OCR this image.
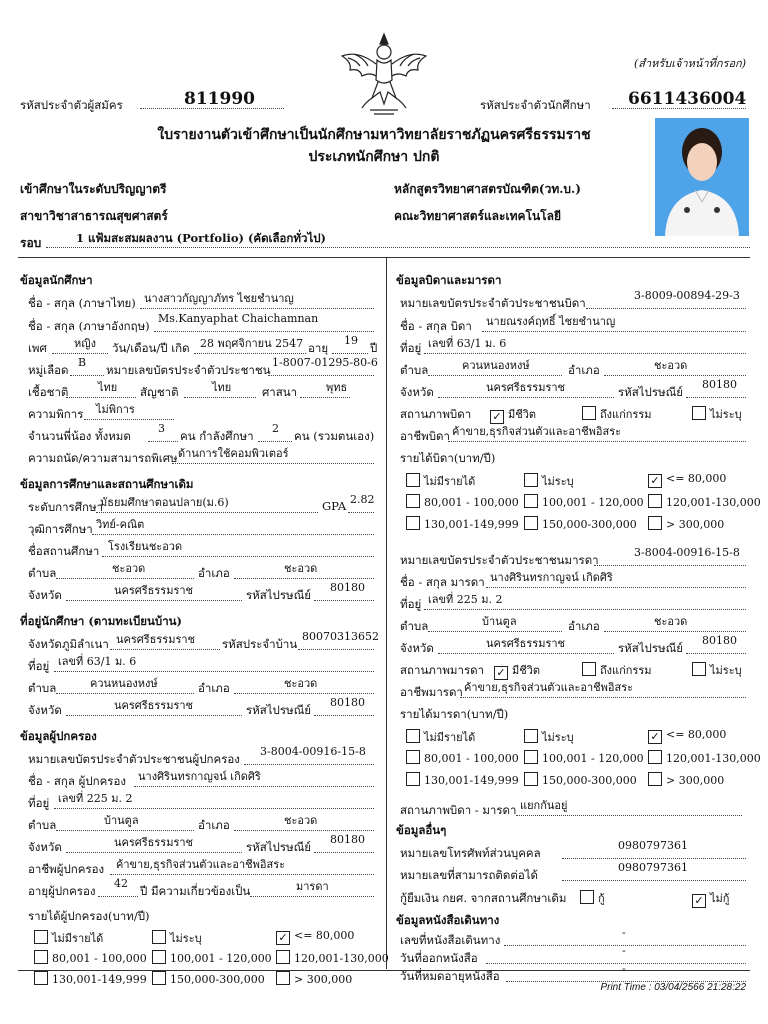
(สำหรับเจ้าหน้าที่กรอก)
รหัสประจำตัวผู้สมัคร	811990	รหัสประจำตัวนักศึกษา 6611436004
ใบรายงานตัวเข้าศึกษาเป็นนักศึกษามหาวิทยาลัยราชภัฏนครศรีธรรมราช
ประเภทนักศึกษา ปกติ
เข้าศึกษาในระดับปริญญาตรี	หลักสูตรวิทยาศาสตรบัณฑิต(วท.บ.)
สาขาวิชาสาธารณสุขศาสตร์	คณะวิทยาศาสตร์และเทคโนโลยี
รอบ	1 แฟ้มสะสมผลงาน (Portfolio) (คัดเลือกทั่วไป)
ข้อมูลนักศึกษา
ชื่อ - สกุล (ภาษาไทย) นางสาวกัญญาภัทร ไชยชำนาญ
ชื่อ - สกุล (ภาษาอังกฤษ)
Ms.Kanyaphat Chaichamnan
เพศ หญิง วัน/เดือน/ปี เกิด 28 พฤศจิกายน 2547 อายุ
19
ปี
หมู่เลือด
B
หมายเลขบัตรประจำตัวประชาชน
1-8007-01295-80-6
เชื้อชาติ	ไทย สัญชาติ	ไทย	ศาสนา	พุทธ
ความพิการ ไม่พิการ
จำนวนพี่น้อง ทั้งหมด
3
คน กำลังศึกษา
2
คน (รวมตนเอง)
ความถนัด/ความสามารถพิเศษ ด้านการใช้คอมพิวเตอร์
ข้อมูลการศึกษาและสถานศึกษาเดิม
ระดับการศึกษา
มัธยมศึกษาตอนปลาย(ม.6)	GPA 2.82
วุฒิการศึกษา วิทย์-คณิต
ชื่อสถานศึกษา โรงเรียนชะอวด
ตำบล	ชะอวด	อำเภอ	ชะอวด
จังหวัด	นครศรีธรรมราช	รหัสไปรษณีย์
80180
ที่อยู่นักศึกษา (ตามทะเบียนบ้าน)
จังหวัดภูมิลำเนา นครศรีธรรมราช รหัสประจำบ้าน
80070313652
ที่อยู่ เลขที่ 63/1 ม. 6
ตำบล	ควนหนองหงษ์	อำเภอ	ชะอวด
จังหวัด	นครศรีธรรมราช	รหัสไปรษณีย์
80180
ข้อมูลผู้ปกครอง
หมายเลขบัตรประจำตัวประชาชนผู้ปกครอง
3-8004-00916-15-8
ชื่อ - สกุล ผู้ปกครอง นางศิรินทรกาญจน์ เกิดศิริ
ที่อยู่ เลขที่ 225 ม. 2
ตำบล	บ้านตูล	อำเภอ	ชะอวด
จังหวัด	นครศรีธรรมราช	รหัสไปรษณีย์
80180
อาชีพผู้ปกครอง ค้าขาย,ธุรกิจส่วนตัวและอาชีพอิสระ
อายุผู้ปกครอง
42
ปี มีความเกี่ยวข้องเป็น	มารดา
รายได้ผู้ปกครอง(บาท/ปี)
ไม่มีรายได้	ไม่ระบุ	✓ <= 80,000
80,001 - 100,000	100,001 - 120,000	120,001-130,000
130,001-149,999	150,000-300,000	> 300,000
ข้อมูลบิดาและมารดา
หมายเลขบัตรประจำตัวประชาชนบิดา
3-8009-00894-29-3
ชื่อ - สกุล บิดา นายณรงค์ฤทธิ์ ไชยชำนาญ
ที่อยู่ เลขที่ 63/1 ม. 6
ตำบล	ควนหนองหงษ์	อำเภอ	ชะอวด
จังหวัด	นครศรีธรรมราช	รหัสไปรษณีย์
80180
สถานภาพบิดา ✓ มีชีวิต	ถึงแก่กรรม	ไม่ระบุ
อาชีพบิดา ค้าขาย,ธุรกิจส่วนตัวและอาชีพอิสระ
รายได้บิดา(บาท/ปี)
ไม่มีรายได้	ไม่ระบุ	✓ <= 80,000
80,001 - 100,000	100,001 - 120,000	120,001-130,000
130,001-149,999	150,000-300,000	> 300,000
หมายเลขบัตรประจำตัวประชาชนมารดา
3-8004-00916-15-8
ชื่อ - สกุล มารดา นางศิรินทรกาญจน์ เกิดศิริ
ที่อยู่ เลขที่ 225 ม. 2
ตำบล	บ้านตูล	อำเภอ	ชะอวด
จังหวัด	นครศรีธรรมราช	รหัสไปรษณีย์
80180
สถานภาพมารดา ✓ มีชีวิต	ถึงแก่กรรม	ไม่ระบุ
อาชีพมารดา ค้าขาย,ธุรกิจส่วนตัวและอาชีพอิสระ
รายได้มารดา(บาท/ปี)
ไม่มีรายได้	ไม่ระบุ	✓ <= 80,000
80,001 - 100,000	100,001 - 120,000	120,001-130,000
130,001-149,999	150,000-300,000	> 300,000
สถานภาพบิดา - มารดา แยกกันอยู่
ข้อมูลอื่นๆ
หมายเลขโทรศัพท์ส่วนบุคคล
0980797361
หมายเลขที่สามารถติดต่อได้
0980797361
กู้ยืมเงิน กยศ. จากสถานศึกษาเดิม	กู้	✓ ไม่กู้
ข้อมูลหนังสือเดินทาง
เลขที่หนังสือเดินทาง
-
วันที่ออกหนังสือ
-
วันที่หมดอายุหนังสือ
-
Print Time : 03/04/2566 21:28:22
